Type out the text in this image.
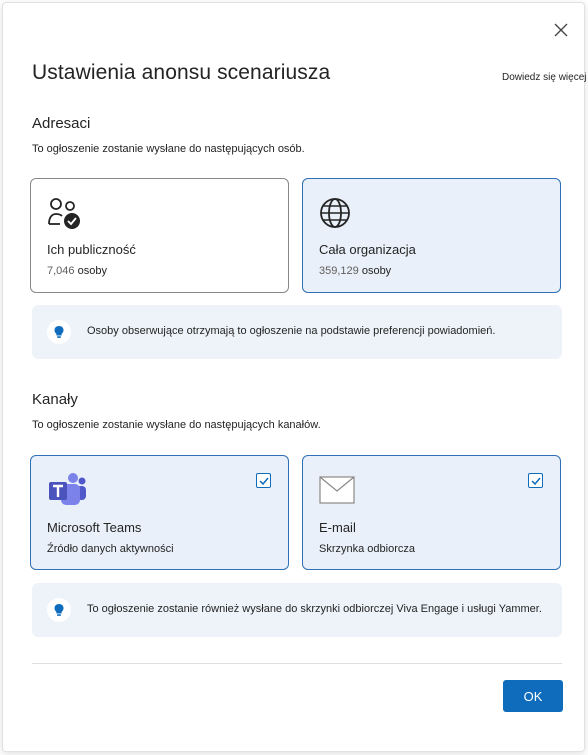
Ustawienia anonsu scenariusza	Dowiedz się więcej
Adresaci
To ogłoszenie zostanie wysłane do następujących osób.
Ich publiczność
7,046 osoby
Cała organizacja
359,129 osoby
Osoby obserwujące otrzymają to ogłoszenie na podstawie preferencji powiadomień.
Kanały
To ogłoszenie zostanie wysłane do następujących kanałów.
Microsoft Teams
Źródło danych aktywności
E-mail
Skrzynka odbiorcza
To ogłoszenie zostanie również wysłane do skrzynki odbiorczej Viva Engage i usługi Yammer.
OK
